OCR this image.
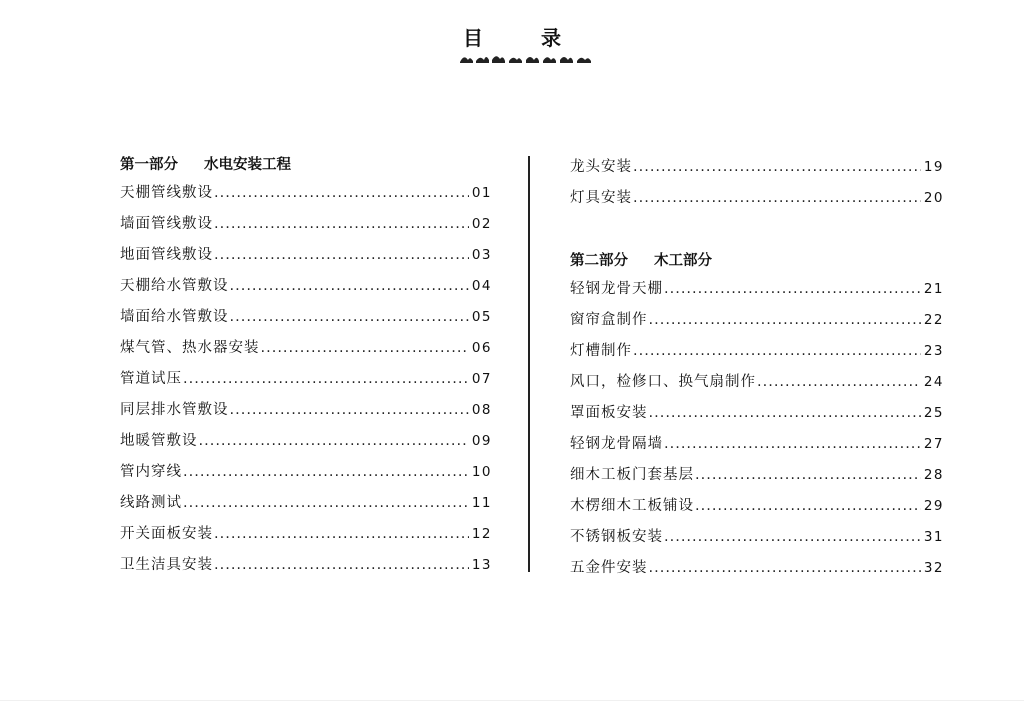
目	录
第一部分 水电安装工程
天棚管线敷设 .....	01
墙面管线敷设 .....	02
地面管线敷设 .....	03
天棚给水管敷设 .....	04
墙面给水管敷设 .....	05
煤气管、热水器安装 .....	06
管道试压 .....	07
同层排水管敷设 .....	08
地暖管敷设 .....	09
管内穿线 .....	10
线路测试 .....	11
开关面板安装 .....	12
卫生洁具安装 .....	13
龙头安装 .....	19
灯具安装 .....	20
第二部分 木工部分
轻钢龙骨天棚 .....	21
窗帘盒制作 .....	22
灯槽制作 .....	23
风口，检修口、换气扇制作 .....	24
罩面板安装 .....	25
轻钢龙骨隔墙 .....	27
细木工板门套基层 .....	28
木楞细木工板铺设 .....	29
不锈钢板安装 .....	31
五金件安装 .....	32
